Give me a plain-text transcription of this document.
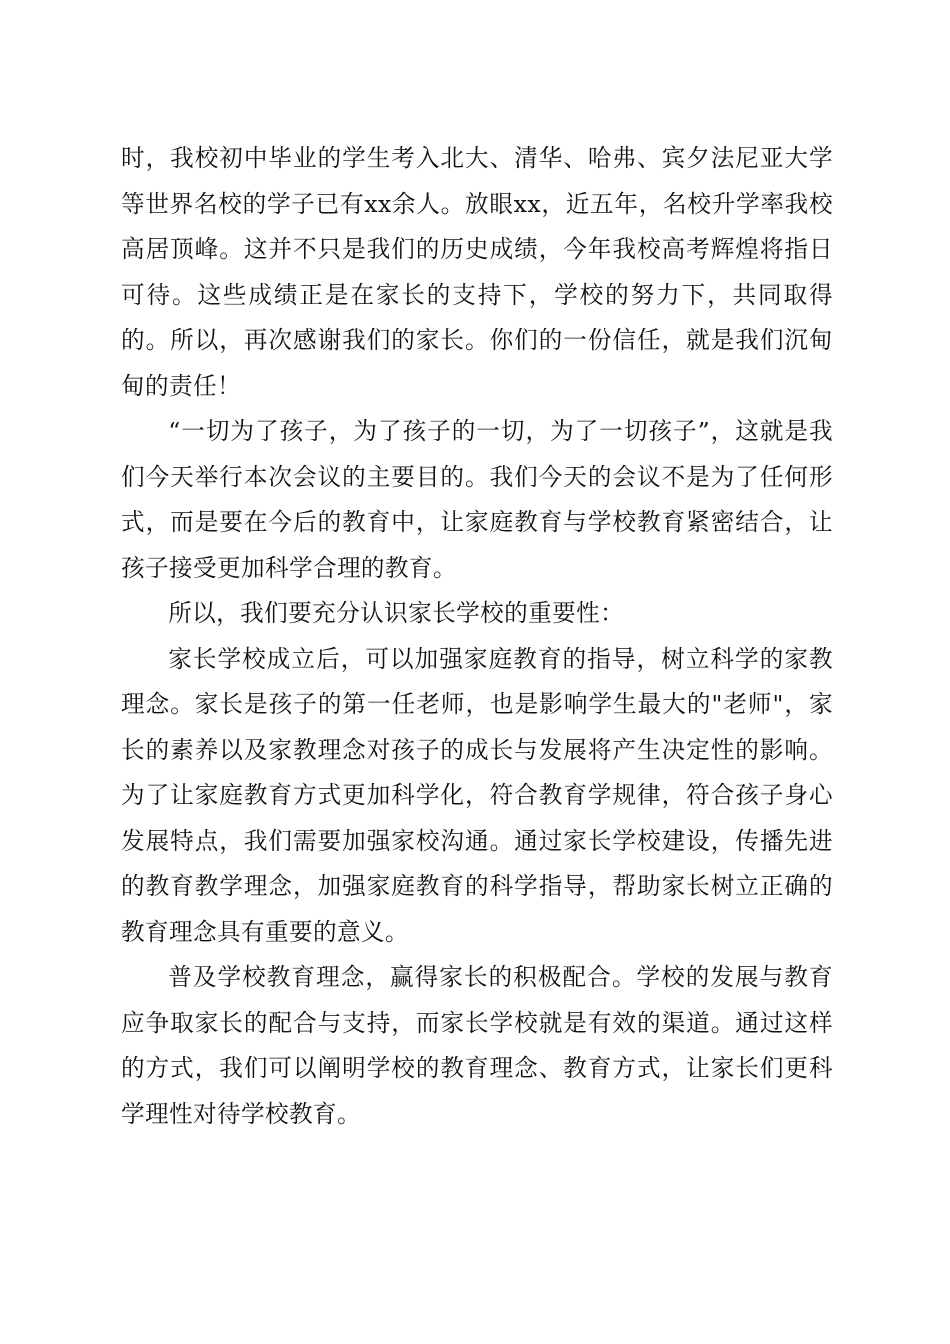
时，我校初中毕业的学生考入北大、清华、哈弗、宾夕法尼亚大学等世界名校的学子已有xx余人。放眼xx，近五年，名校升学率我校高居顶峰。这并不只是我们的历史成绩，今年我校高考辉煌将指日可待。这些成绩正是在家长的支持下，学校的努力下，共同取得的。所以，再次感谢我们的家长。你们的一份信任，就是我们沉甸甸的责任！

“一切为了孩子，为了孩子的一切，为了一切孩子”，这就是我们今天举行本次会议的主要目的。我们今天的会议不是为了任何形式，而是要在今后的教育中，让家庭教育与学校教育紧密结合，让孩子接受更加科学合理的教育。

所以，我们要充分认识家长学校的重要性：

家长学校成立后，可以加强家庭教育的指导，树立科学的家教理念。家长是孩子的第一任老师，也是影响学生最大的"老师"，家长的素养以及家教理念对孩子的成长与发展将产生决定性的影响。为了让家庭教育方式更加科学化，符合教育学规律，符合孩子身心发展特点，我们需要加强家校沟通。通过家长学校建设，传播先进的教育教学理念，加强家庭教育的科学指导，帮助家长树立正确的教育理念具有重要的意义。

普及学校教育理念，赢得家长的积极配合。学校的发展与教育应争取家长的配合与支持，而家长学校就是有效的渠道。通过这样的方式，我们可以阐明学校的教育理念、教育方式，让家长们更科学理性对待学校教育。
